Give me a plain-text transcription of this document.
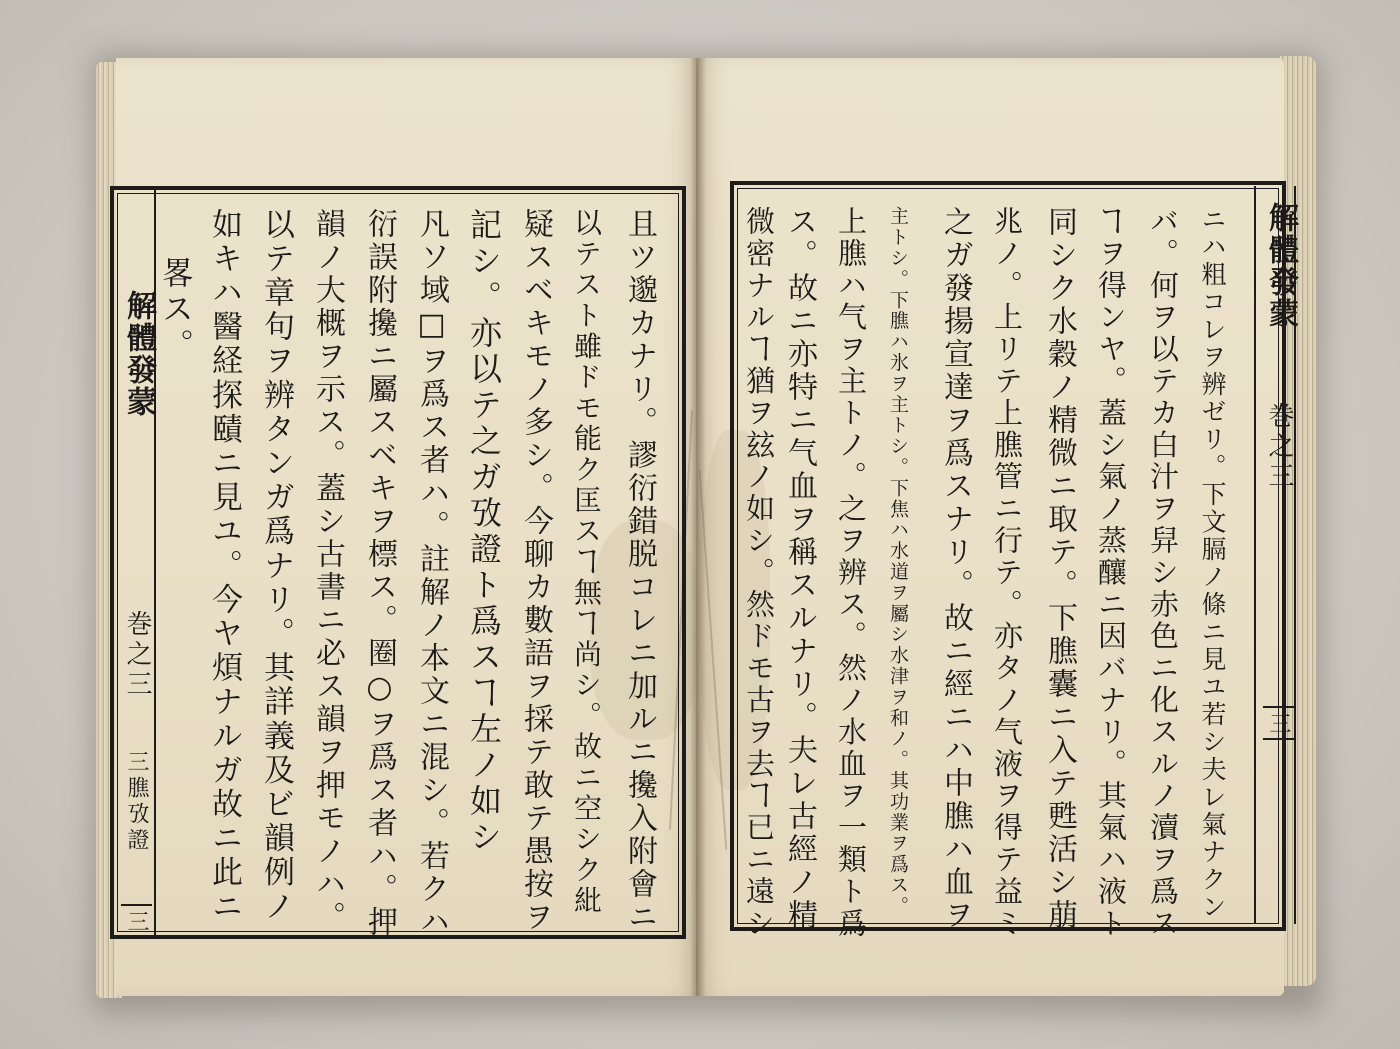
解體發蒙
巻之三
三膲攷證
三	且ツ邈カナリ。謬衍錯脱コレニ加ルニ攙入附會ニ
以テスト雖ドモ能ク匡スヿ無ヿ尚シ。故ニ空シク紕
疑スベキモノ多シ。今聊カ數語ヲ採テ敢テ愚按ヲ
記シ。亦以テ之ガ攷證ト爲スヿ左ノ如シ
凡ソ域□ヲ爲ス者ハ。註解ノ本文ニ混シ。若クハ
衍誤附攙ニ屬スベキヲ標ス。圈○ヲ爲ス者ハ。押
韻ノ大概ヲ示ス。蓋シ古書ニ必ス韻ヲ押モノハ。
以テ章句ヲ辨タンガ爲ナリ。其詳義及ビ韻例ノ
如キハ醫経探賾ニ見ユ。今ヤ煩ナルガ故ニ此ニ
畧ス。	解體發蒙
巻之三
三
ニハ粗コレヲ辨ゼリ。下文膈ノ條ニ見ユ若シ夫レ氣ナクン
バ。何ヲ以テカ白汁ヲ舁シ赤色ニ化スルノ瀆ヲ爲ス
ヿヲ得ンヤ。蓋シ氣ノ蒸釀ニ因バナリ。其氣ハ液ト
同シク水穀ノ精微ニ取テ。下膲囊ニ入テ甦活シ萠
兆ノ。上リテ上膲管ニ行テ。亦タノ气液ヲ得テ益ミ
之ガ發揚宣達ヲ爲スナリ。故ニ經ニハ中膲ハ血ヲ
主トシ。下膲ハ氷ヲ主トシ。下焦ハ水道ヲ屬シ水津ヲ和ノ。其功業ヲ爲ス。
上膲ハ气ヲ主トノ。之ヲ辨ス。然ノ水血ヲ一類ト爲
ス。故ニ亦特ニ气血ヲ稱スルナリ。夫レ古經ノ精
微密ナルヿ猶ヲ玆ノ如シ。然ドモ古ヲ去ヿ已ニ遠シ
